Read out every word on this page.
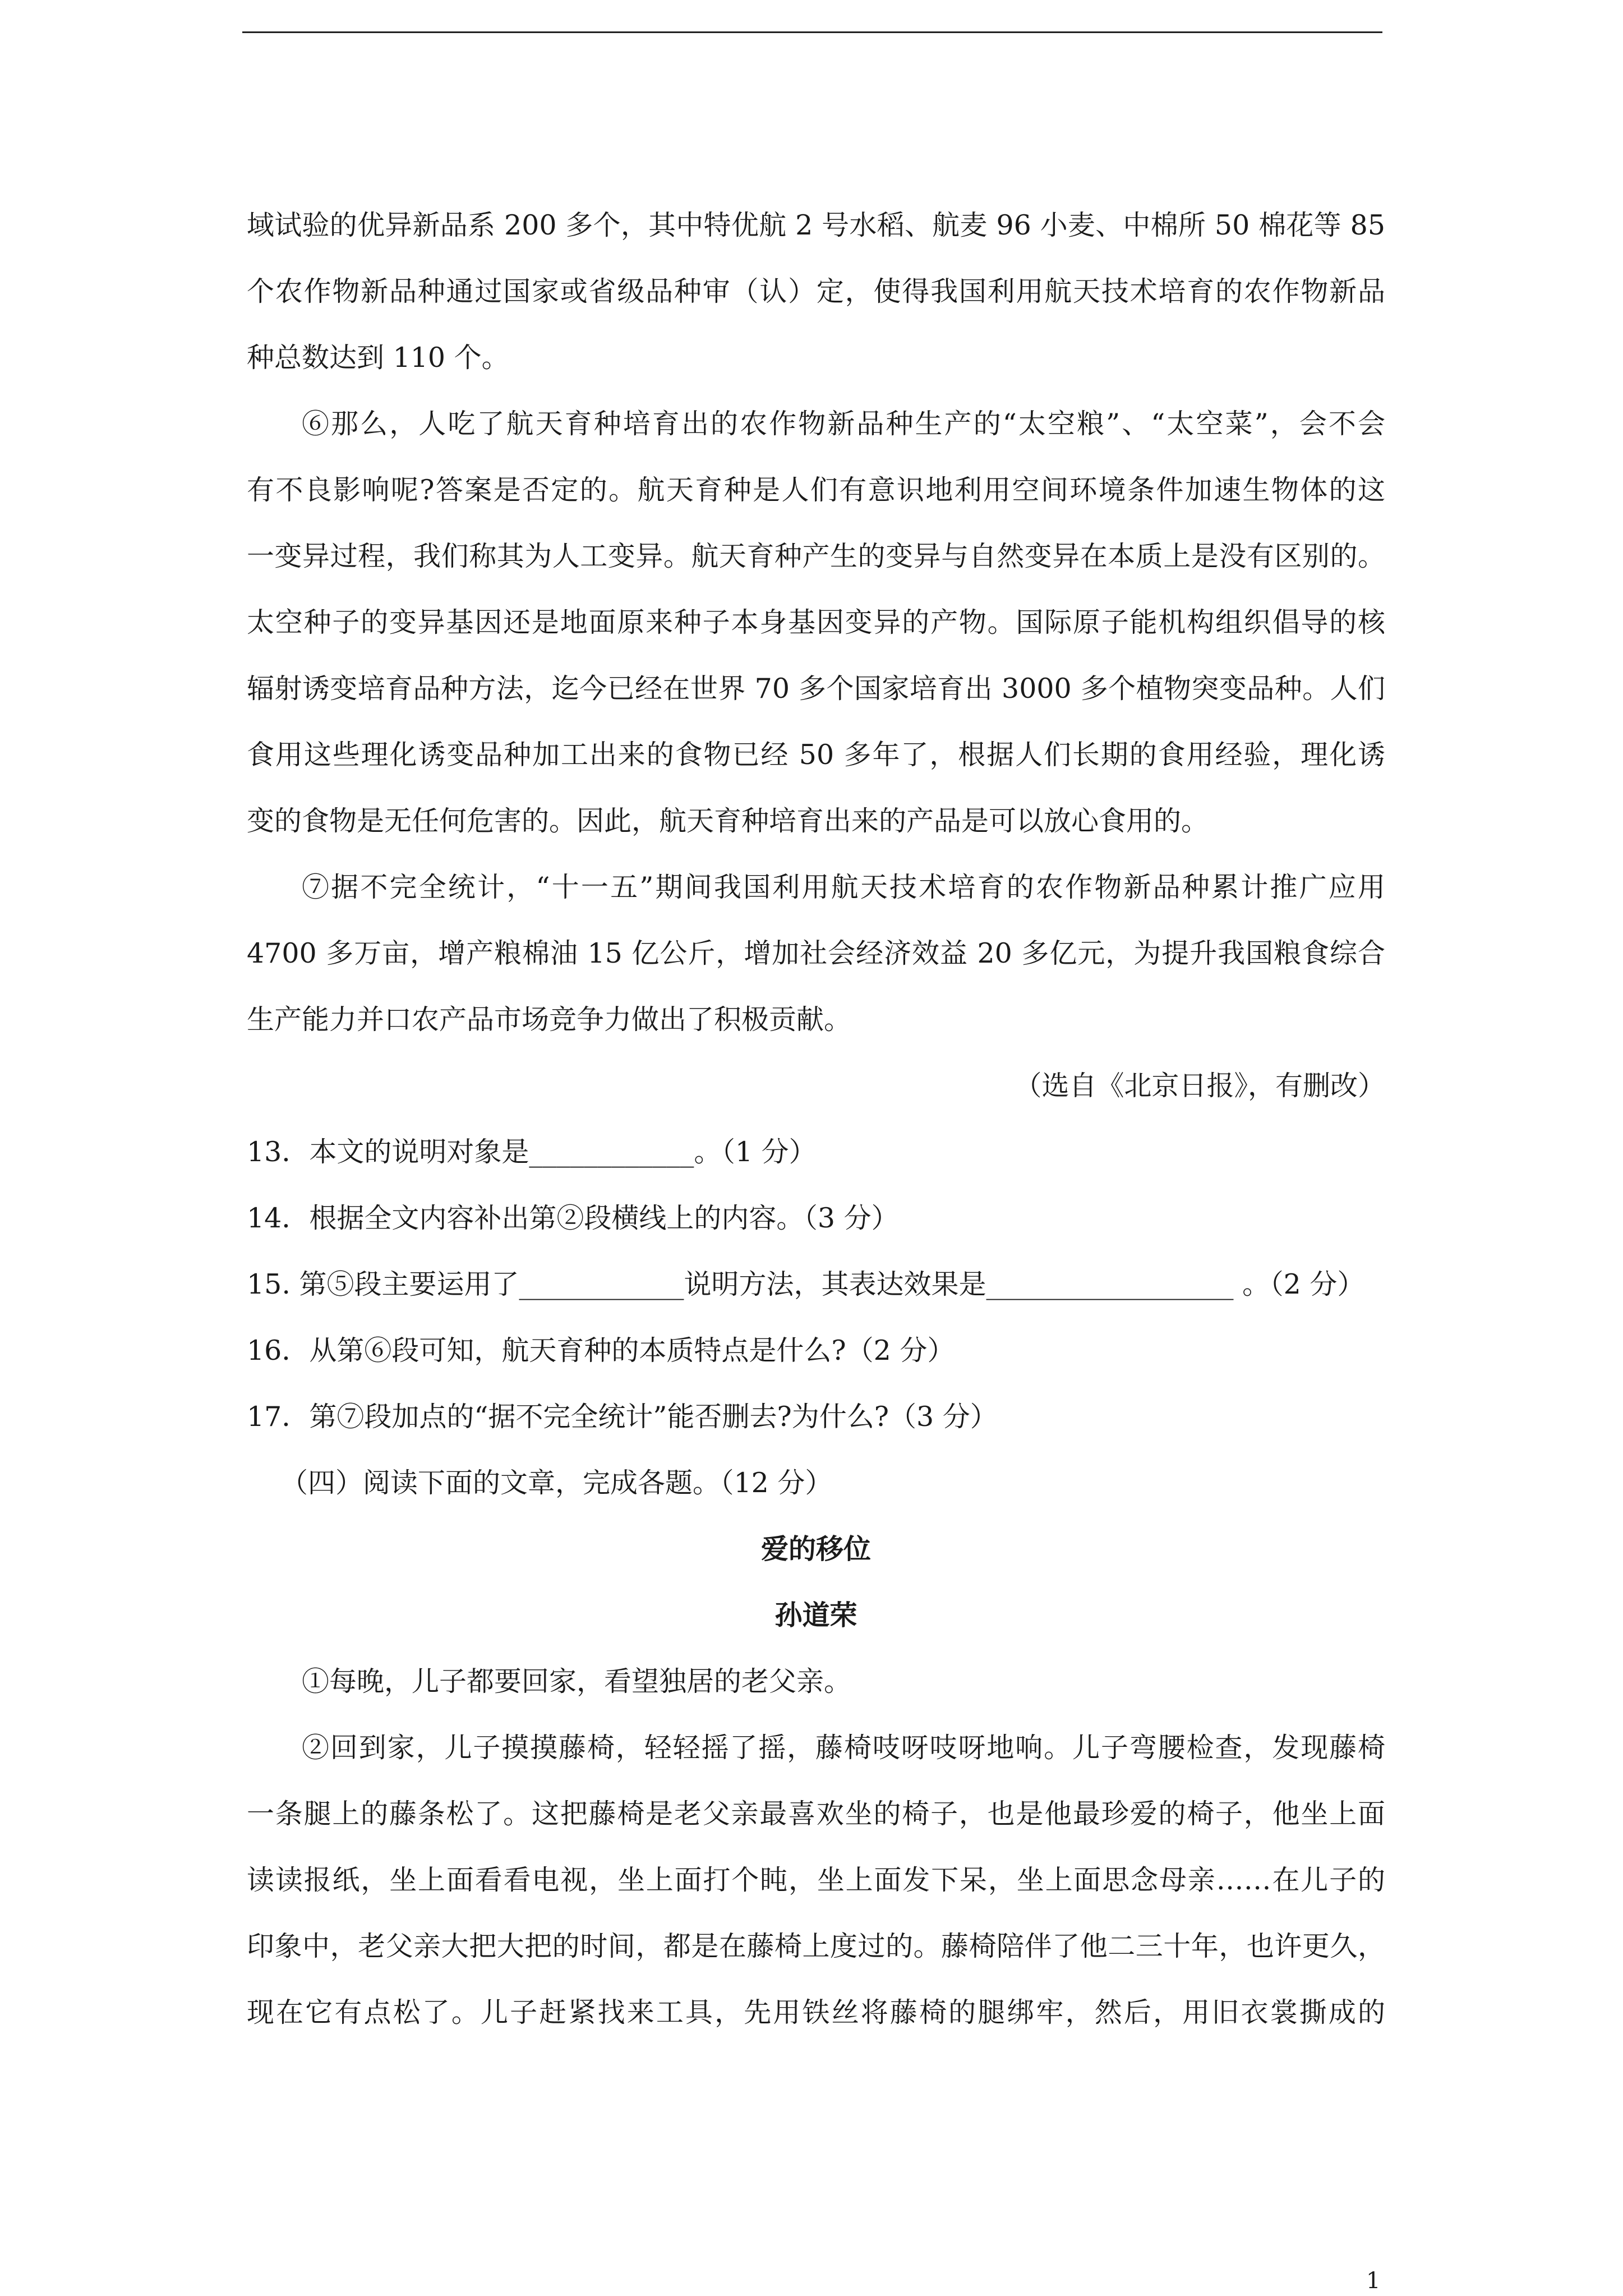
域试验的优异新品系 200 多个，其中特优航 2 号水稻、航麦 96 小麦、中棉所 50 棉花等 85
个农作物新品种通过国家或省级品种审（认）定，使得我国利用航天技术培育的农作物新品
种总数达到 110 个。
⑥那么，人吃了航天育种培育出的农作物新品种生产的“太空粮”、“太空菜”，会不会
有不良影响呢?答案是否定的。航天育种是人们有意识地利用空间环境条件加速生物体的这
一变异过程，我们称其为人工变异。航天育种产生的变异与自然变异在本质上是没有区别的。
太空种子的变异基因还是地面原来种子本身基因变异的产物。国际原子能机构组织倡导的核
辐射诱变培育品种方法，迄今已经在世界 70 多个国家培育出 3000 多个植物突变品种。人们
食用这些理化诱变品种加工出来的食物已经 50 多年了，根据人们长期的食用经验，理化诱
变的食物是无任何危害的。因此，航天育种培育出来的产品是可以放心食用的。
⑦据不完全统计，“十一五”期间我国利用航天技术培育的农作物新品种累计推广应用
4700 多万亩，增产粮棉油 15 亿公斤，增加社会经济效益 20 多亿元，为提升我国粮食综合
生产能力并口农产品市场竞争力做出了积极贡献。
（选自《北京日报》，有删改）
13．本文的说明对象是____________。（1 分）
14．根据全文内容补出第②段横线上的内容。（3 分）
15. 第⑤段主要运用了____________说明方法，其表达效果是__________________ 。（2 分）
16．从第⑥段可知，航天育种的本质特点是什么?（2 分）
17．第⑦段加点的“据不完全统计”能否删去?为什么?（3 分）
（四）阅读下面的文章，完成各题。（12 分）
爱的移位
孙道荣
①每晚，儿子都要回家，看望独居的老父亲。
②回到家，儿子摸摸藤椅，轻轻摇了摇，藤椅吱呀吱呀地响。儿子弯腰检查，发现藤椅
一条腿上的藤条松了。这把藤椅是老父亲最喜欢坐的椅子，也是他最珍爱的椅子，他坐上面
读读报纸，坐上面看看电视，坐上面打个盹，坐上面发下呆，坐上面思念母亲……在儿子的
印象中，老父亲大把大把的时间，都是在藤椅上度过的。藤椅陪伴了他二三十年，也许更久，
现在它有点松了。儿子赶紧找来工具，先用铁丝将藤椅的腿绑牢，然后，用旧衣裳撕成的
1
